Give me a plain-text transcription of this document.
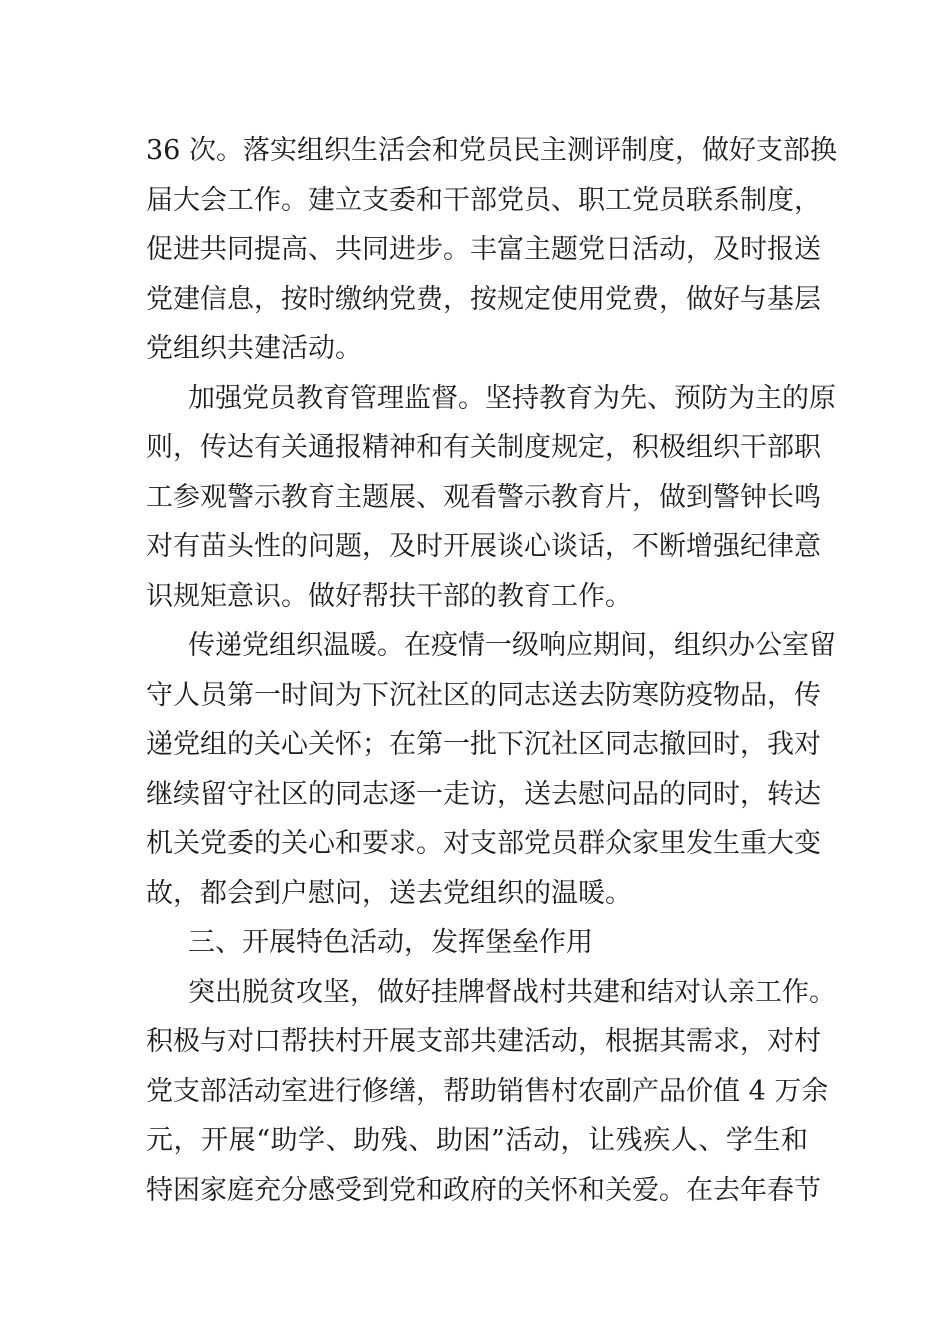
36 次。落实组织生活会和党员民主测评制度，做好支部换
届大会工作。建立支委和干部党员、职工党员联系制度，
促进共同提高、共同进步。丰富主题党日活动，及时报送
党建信息，按时缴纳党费，按规定使用党费，做好与基层
党组织共建活动。
加强党员教育管理监督。坚持教育为先、预防为主的原
则，传达有关通报精神和有关制度规定，积极组织干部职
工参观警示教育主题展、观看警示教育片，做到警钟长鸣
对有苗头性的问题，及时开展谈心谈话，不断增强纪律意
识规矩意识。做好帮扶干部的教育工作。
传递党组织温暖。在疫情一级响应期间，组织办公室留
守人员第一时间为下沉社区的同志送去防寒防疫物品，传
递党组的关心关怀；在第一批下沉社区同志撤回时，我对
继续留守社区的同志逐一走访，送去慰问品的同时，转达
机关党委的关心和要求。对支部党员群众家里发生重大变
故，都会到户慰问，送去党组织的温暖。
三、开展特色活动，发挥堡垒作用
突出脱贫攻坚，做好挂牌督战村共建和结对认亲工作。
积极与对口帮扶村开展支部共建活动，根据其需求，对村
党支部活动室进行修缮，帮助销售村农副产品价值 4 万余
元，开展“助学、助残、助困”活动，让残疾人、学生和
特困家庭充分感受到党和政府的关怀和关爱。在去年春节
